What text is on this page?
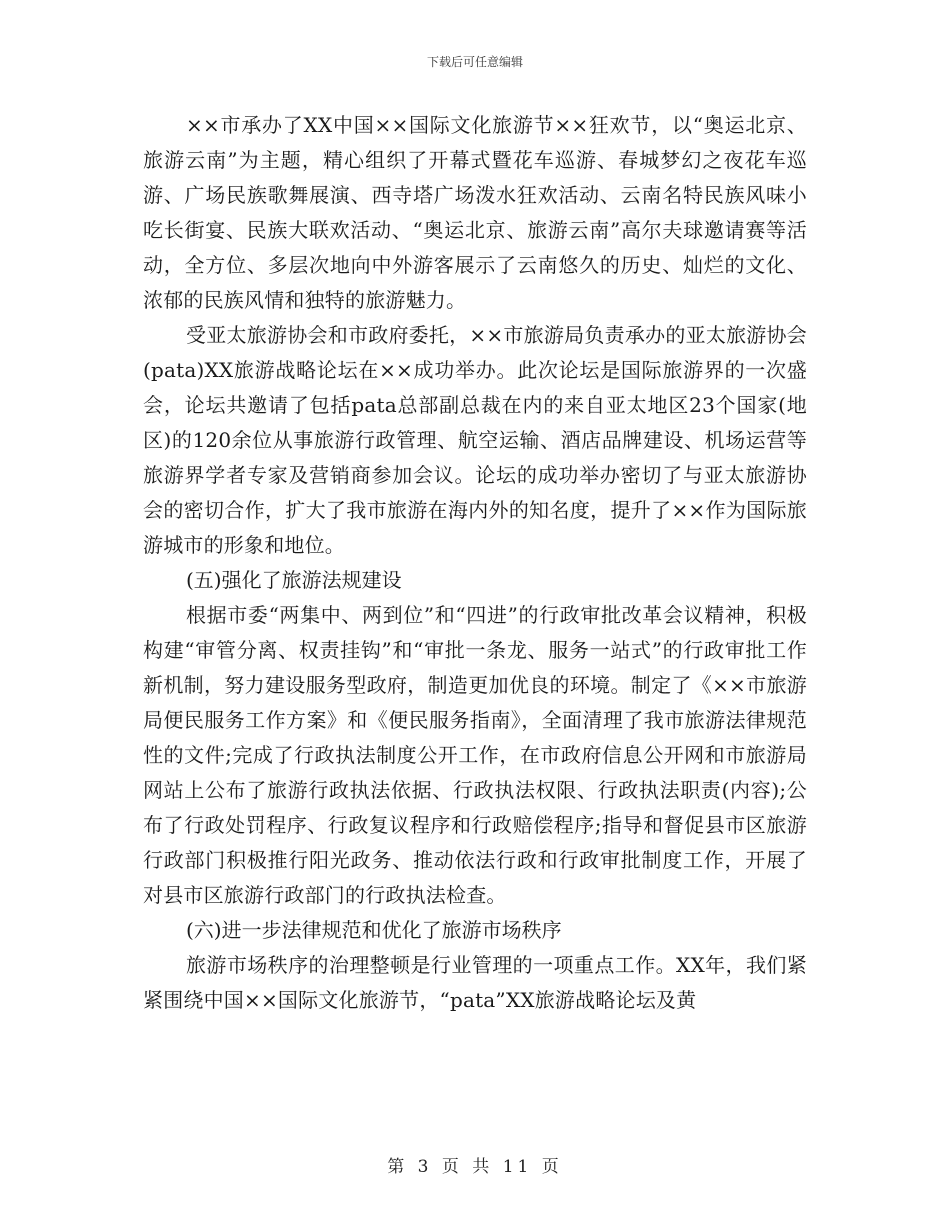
下载后可任意编辑

××市承办了XX中国××国际文化旅游节××狂欢节，以“奥运北京、旅游云南”为主题，精心组织了开幕式暨花车巡游、春城梦幻之夜花车巡游、广场民族歌舞展演、西寺塔广场泼水狂欢活动、云南名特民族风味小吃长街宴、民族大联欢活动、“奥运北京、旅游云南”高尔夫球邀请赛等活动，全方位、多层次地向中外游客展示了云南悠久的历史、灿烂的文化、浓郁的民族风情和独特的旅游魅力。

受亚太旅游协会和市政府委托，××市旅游局负责承办的亚太旅游协会(pata)XX旅游战略论坛在××成功举办。此次论坛是国际旅游界的一次盛会，论坛共邀请了包括pata总部副总裁在内的来自亚太地区23个国家(地区)的120余位从事旅游行政管理、航空运输、酒店品牌建设、机场运营等旅游界学者专家及营销商参加会议。论坛的成功举办密切了与亚太旅游协会的密切合作，扩大了我市旅游在海内外的知名度，提升了××作为国际旅游城市的形象和地位。

(五)强化了旅游法规建设

根据市委“两集中、两到位”和“四进”的行政审批改革会议精神，积极构建“审管分离、权责挂钩”和“审批一条龙、服务一站式”的行政审批工作新机制，努力建设服务型政府，制造更加优良的环境。制定了《××市旅游局便民服务工作方案》和《便民服务指南》，全面清理了我市旅游法律规范性的文件;完成了行政执法制度公开工作，在市政府信息公开网和市旅游局网站上公布了旅游行政执法依据、行政执法权限、行政执法职责(内容);公布了行政处罚程序、行政复议程序和行政赔偿程序;指导和督促县市区旅游行政部门积极推行阳光政务、推动依法行政和行政审批制度工作，开展了对县市区旅游行政部门的行政执法检查。

(六)进一步法律规范和优化了旅游市场秩序

旅游市场秩序的治理整顿是行业管理的一项重点工作。XX年，我们紧紧围绕中国××国际文化旅游节，“pata”XX旅游战略论坛及黄

第 3 页 共 11 页
